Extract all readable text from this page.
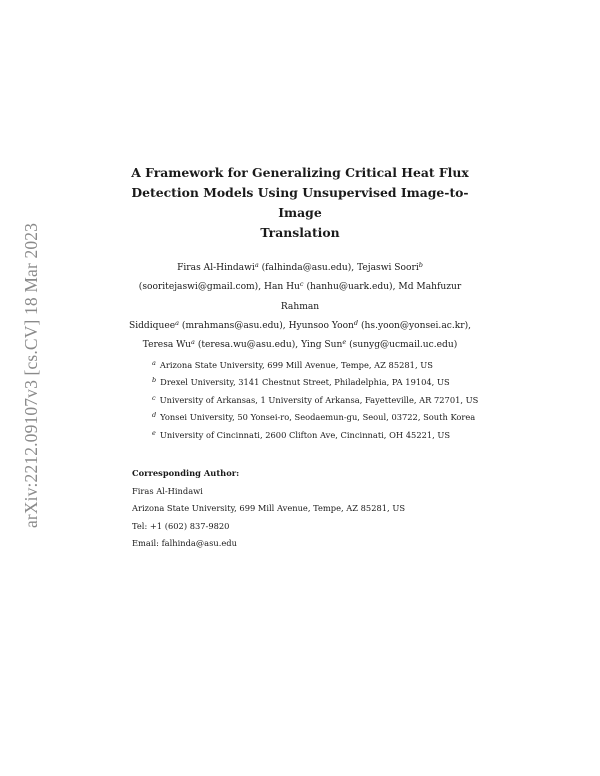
arXiv:2212.09107v3 [cs.CV] 18 Mar 2023
A Framework for Generalizing Critical Heat Flux
Detection Models Using Unsupervised Image-to-Image
Translation
Firas Al-Hindawi$^a$ (falhinda@asu.edu), Tejaswi Soori$^b$
(sooritejaswi@gmail.com), Han Hu$^c$ (hanhu@uark.edu), Md Mahfuzur Rahman
Siddiquee$^a$ (mrahmans@asu.edu), Hyunsoo Yoon$^d$ (hs.yoon@yonsei.ac.kr),
Teresa Wu$^a$ (teresa.wu@asu.edu), Ying Sun$^e$ (sunyg@ucmail.uc.edu)
$^a$ Arizona State University, 699 Mill Avenue, Tempe, AZ 85281, US
$^b$ Drexel University, 3141 Chestnut Street, Philadelphia, PA 19104, US
$^c$ University of Arkansas, 1 University of Arkansa, Fayetteville, AR 72701, US
$^d$ Yonsei University, 50 Yonsei-ro, Seodaemun-gu, Seoul, 03722, South Korea
$^e$ University of Cincinnati, 2600 Clifton Ave, Cincinnati, OH 45221, US
Corresponding Author:
Firas Al-Hindawi
Arizona State University, 699 Mill Avenue, Tempe, AZ 85281, US
Tel: +1 (602) 837-9820
Email: falhinda@asu.edu
